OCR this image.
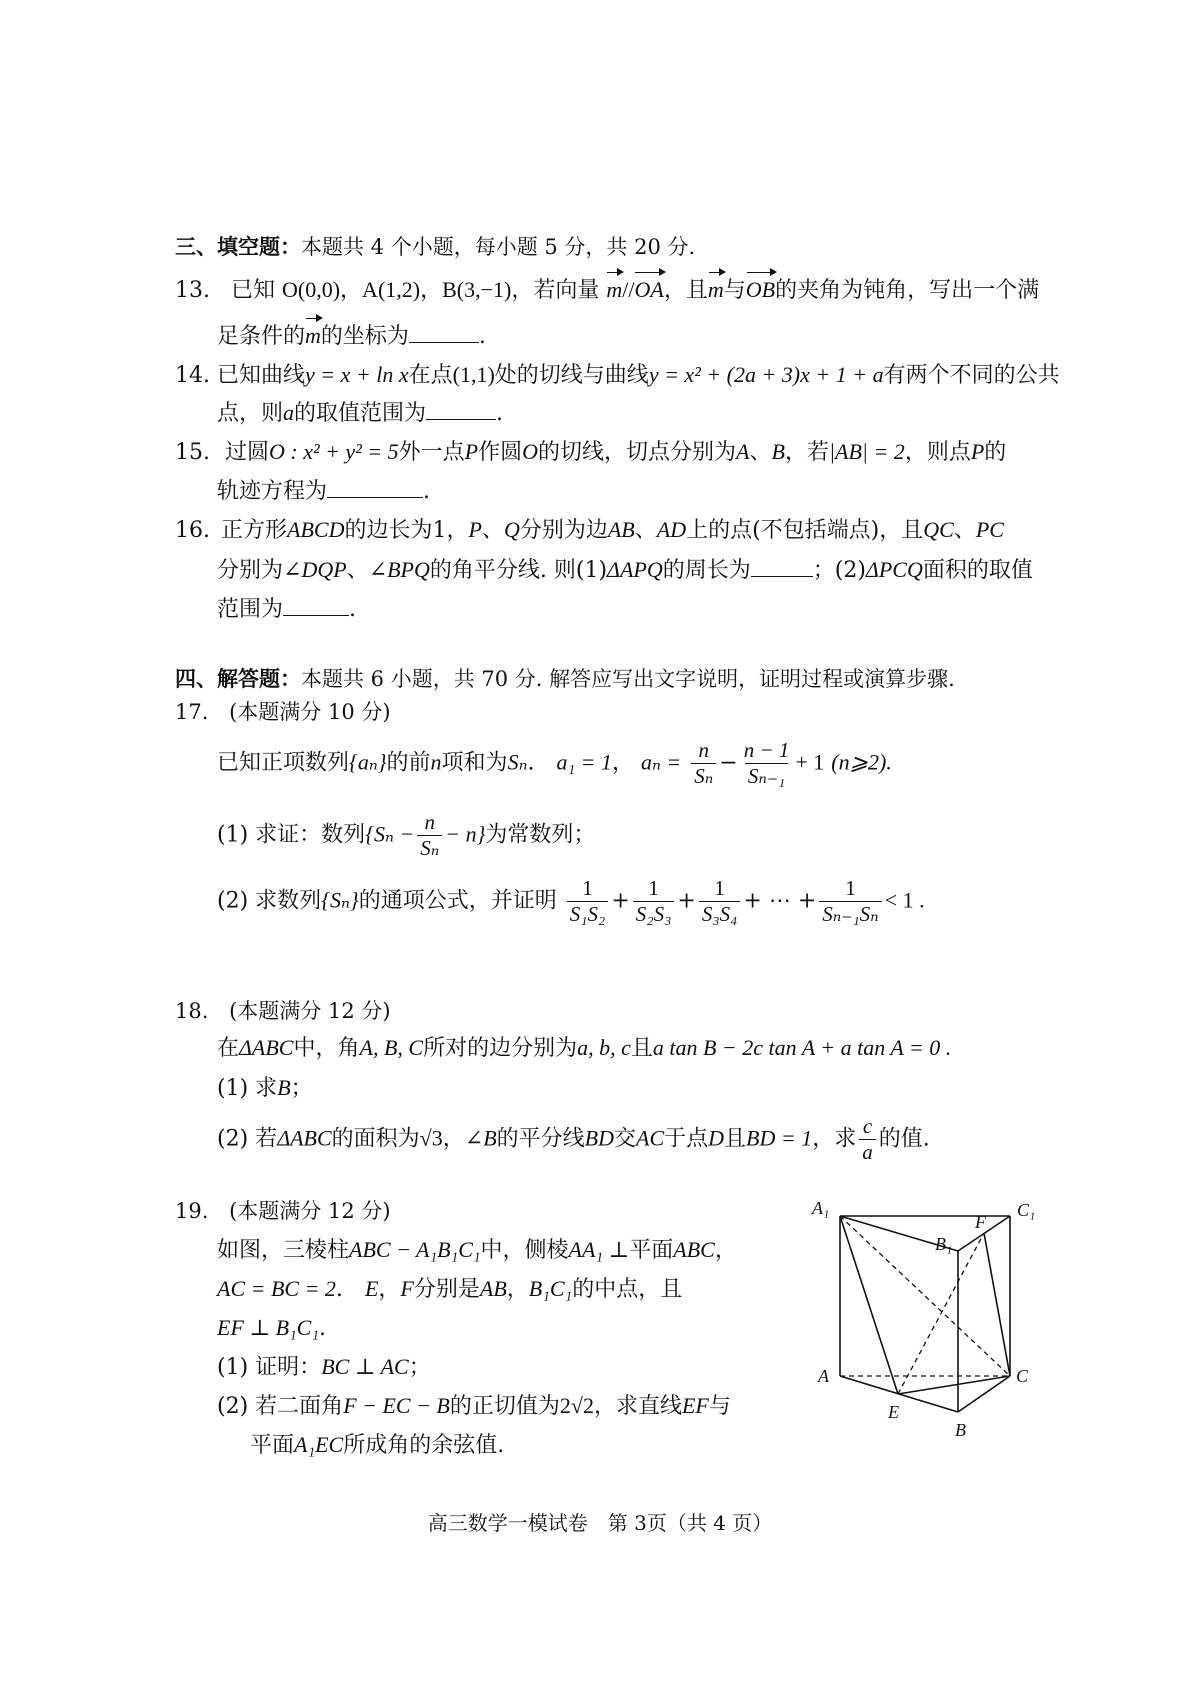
三、填空题：本题共 4 个小题，每小题 5 分，共 20 分.
13. 已知 O(0,0)，A(1,2)，B(3,−1)，若向量 m//OA，且m与OB的夹角为钝角，写出一个满
足条件的m的坐标为	.
14. 已知曲线y = x + ln x在点(1,1)处的切线与曲线y = x² + (2a + 3)x + 1 + a有两个不同的公共
点，则a的取值范围为	.
15. 过圆O : x² + y² = 5外一点P作圆O的切线，切点分别为A、B，若|AB| = 2，则点P的
轨迹方程为	.
16. 正方形ABCD的边长为1，P、Q分别为边AB、AD上的点(不包括端点)，且QC、PC
分别为∠DQP、∠BPQ的角平分线. 则(1)ΔAPQ的周长为	；(2)ΔPCQ面积的取值
范围为	.
四、解答题：本题共 6 小题，共 70 分. 解答应写出文字说明，证明过程或演算步骤.
17. (本题满分 10 分)
已知正项数列{aₙ}的前n项和为Sₙ.　a₁ = 1， $a_n = \frac{n}{\text{Sₙ}} - \frac{n - 1}{\text{Sₙ₋₁}} + 1$ (n⩾2).
(1) 求证：数列$\{S_n - \frac{n}{\text{Sₙ}} - n\}$为常数列；
(2) 求数列{Sₙ}的通项公式，并证明 $\frac{1}{\text{S₁S₂}} + \frac{1}{\text{S₂S₃}} + \frac{1}{\text{S₃S₄}}$ + ⋯ + $\frac{1}{\text{Sₙ₋₁Sₙ}} < 1$ .
18. (本题满分 12 分)
在ΔABC中，角A, B, C所对的边分别为a, b, c且a tan B − 2c tan A + a tan A = 0 .
(1) 求B；
(2) 若ΔABC的面积为√3，∠B的平分线BD交AC于点D且BD = 1，求 $\frac{c}{a}$ 的值.
19. (本题满分 12 分)
如图，三棱柱ABC − A₁B₁C₁中，侧棱AA₁ ⊥平面ABC，
AC = BC = 2.　 E，F分别是AB，B₁C₁的中点，且
EF ⊥ B₁C₁.
(1) 证明：BC ⊥ AC；
(2) 若二面角F − EC − B的正切值为2√2，求直线EF与
平面A₁EC所成角的余弦值.
A₁	C₁
F
B₁
A	C
E
B
高三数学一模试卷　第 3页（共 4 页）
